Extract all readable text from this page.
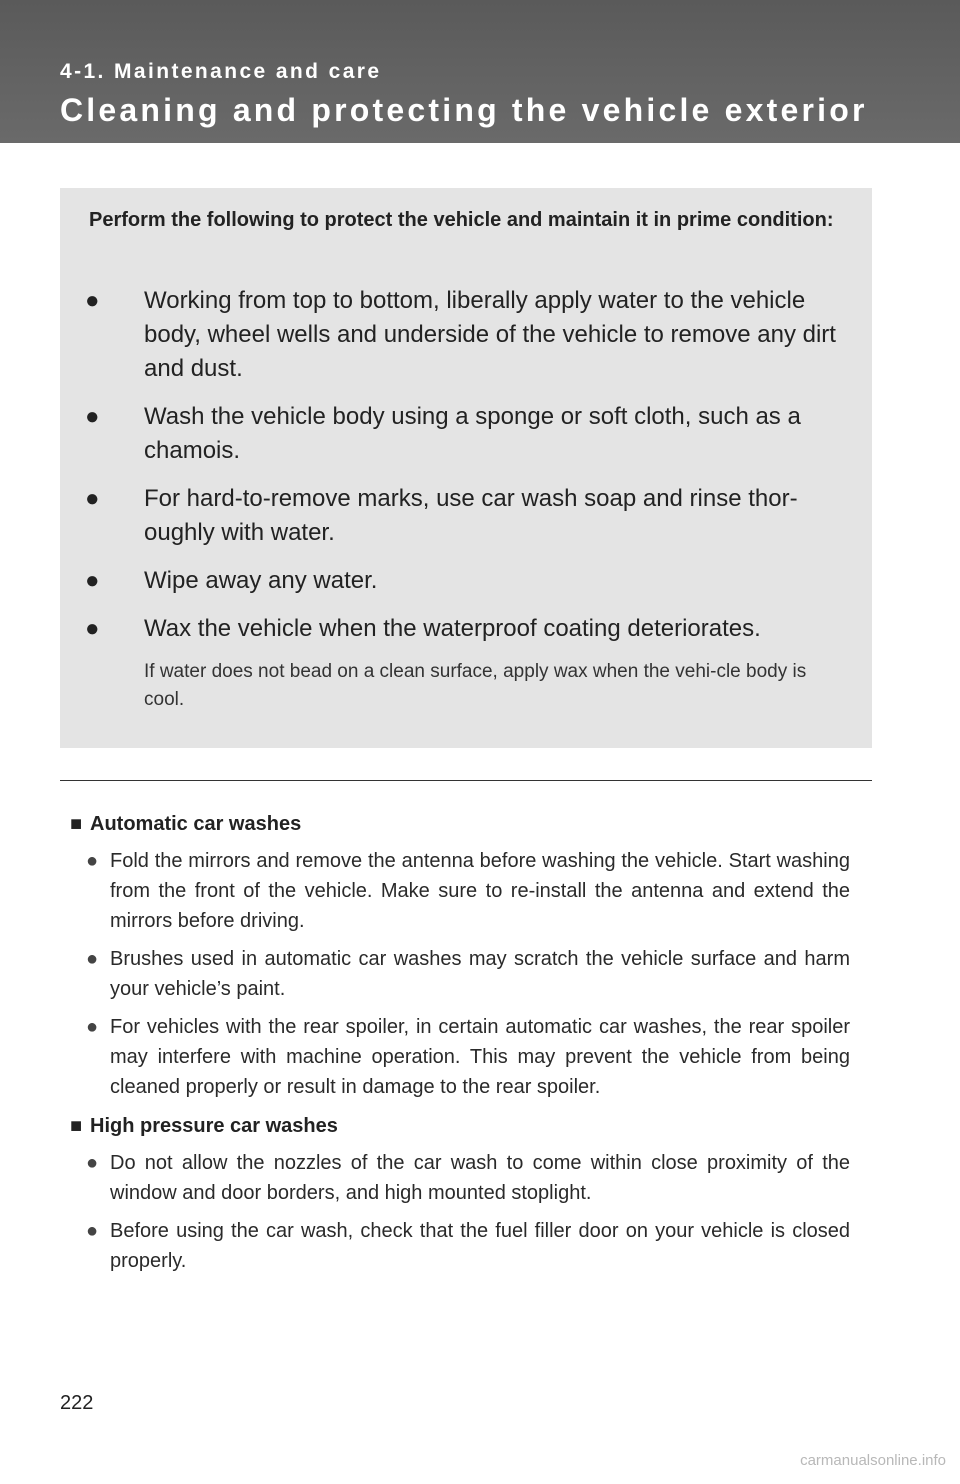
4-1. Maintenance and care
Cleaning and protecting the vehicle exterior
Perform the following to protect the vehicle and maintain it in prime condition:
●	Working from top to bottom, liberally apply water to the vehicle body, wheel wells and underside of the vehicle to remove any dirt and dust.
●	Wash the vehicle body using a sponge or soft cloth, such as a chamois.
●	For hard-to-remove marks, use car wash soap and rinse thor-oughly with water.
●	Wipe away any water.
●	Wax the vehicle when the waterproof coating deteriorates.
If water does not bead on a clean surface, apply wax when the vehi-cle body is cool.
■ Automatic car washes
● Fold the mirrors and remove the antenna before washing the vehicle. Start washing from the front of the vehicle. Make sure to re-install the antenna and extend the mirrors before driving.
● Brushes used in automatic car washes may scratch the vehicle surface and harm your vehicle’s paint.
● For vehicles with the rear spoiler, in certain automatic car washes, the rear spoiler may interfere with machine operation. This may prevent the vehicle from being cleaned properly or result in damage to the rear spoiler.
■ High pressure car washes
● Do not allow the nozzles of the car wash to come within close proximity of the window and door borders, and high mounted stoplight.
● Before using the car wash, check that the fuel filler door on your vehicle is closed properly.
222
carmanualsonline.info
